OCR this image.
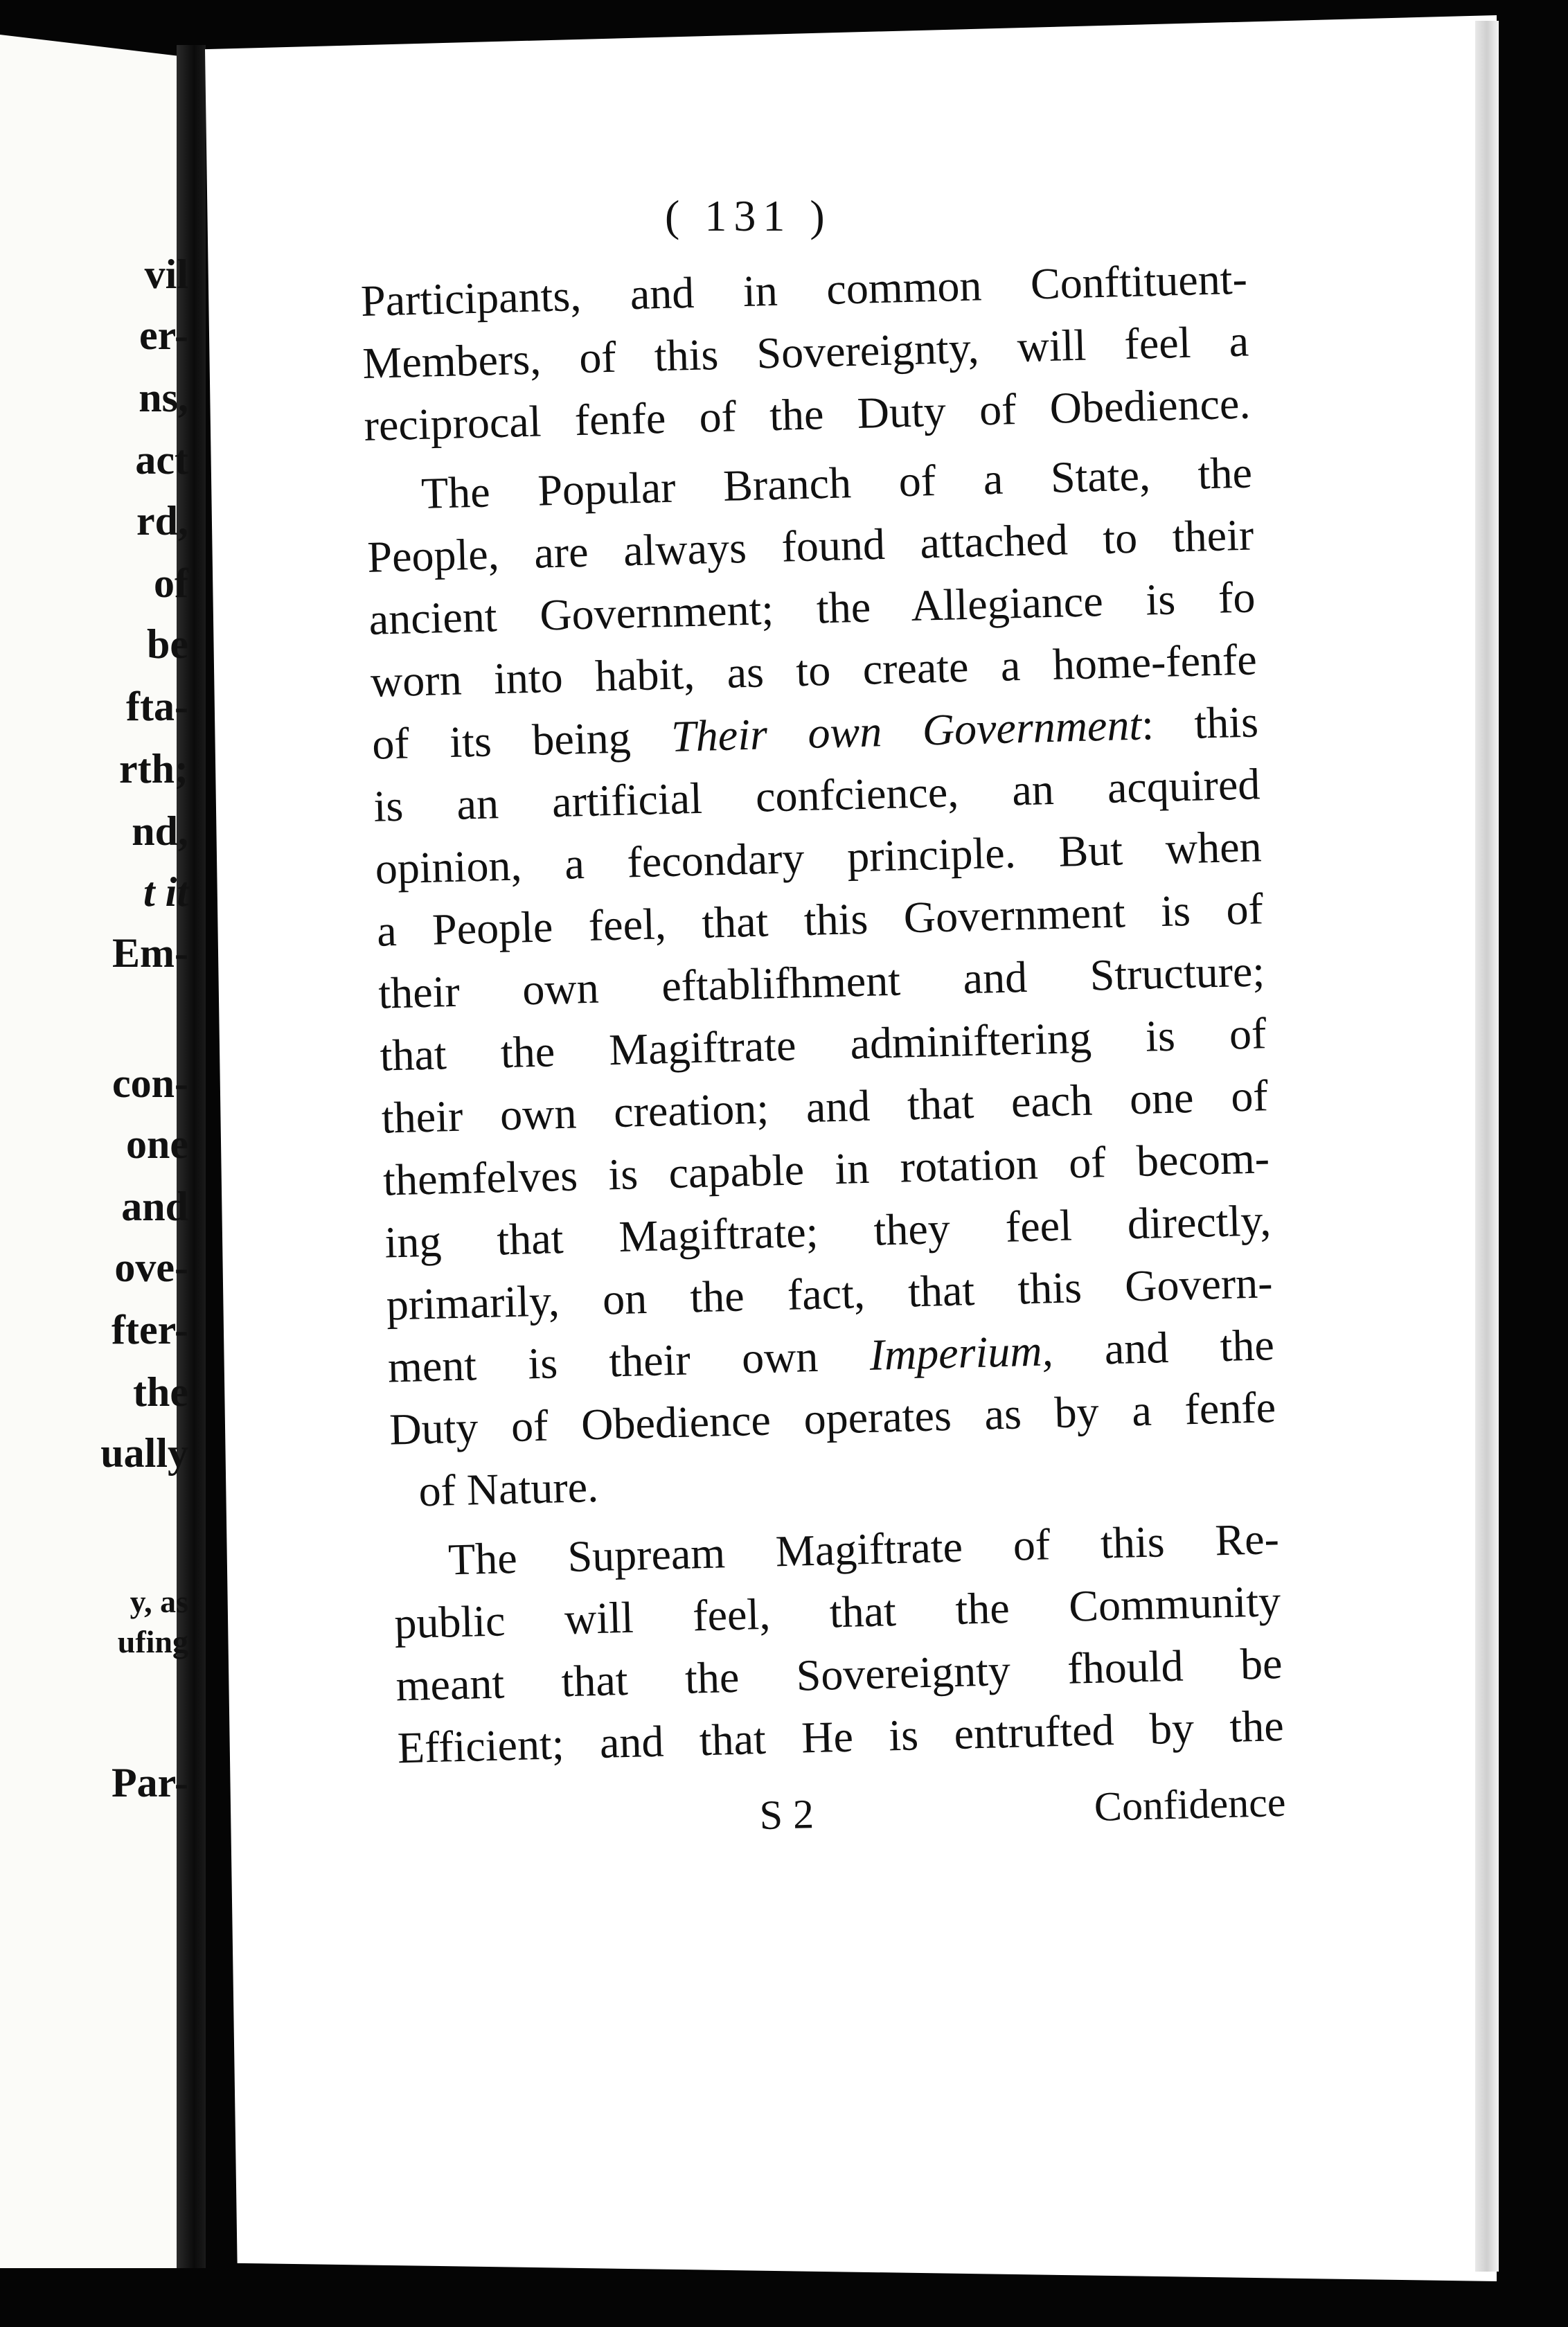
vil

er-

ns,

act

rd,

of

be

fta-

rth;

nd,

t it

Em-

con-

one

and

ove-

fter-

the

ually

y, as

ufing

Par-

( 131 )

Participants, and in common Conftituent-

Members, of this Sovereignty, will feel a

reciprocal fenfe of the Duty of Obedience.

The Popular Branch of a State, the

People, are always found attached to their

ancient Government; the Allegiance is fo

worn into habit, as to create a home-fenfe

of its being Their own Government: this

is an artificial confcience, an acquired

opinion, a fecondary principle. But when

a People feel, that this Government is of

their own eftablifhment and Structure;

that the Magiftrate adminiftering is of

their own creation; and that each one of

themfelves is capable in rotation of becom-

ing that Magiftrate; they feel directly,

primarily, on the fact, that this Govern-

ment is their own Imperium, and the

Duty of Obedience operates as by a fenfe

of Nature.

The Supream Magiftrate of this Re-

public will feel, that the Community

meant that the Sovereignty fhould be

Efficient; and that He is entrufted by the

S 2	Confidence
